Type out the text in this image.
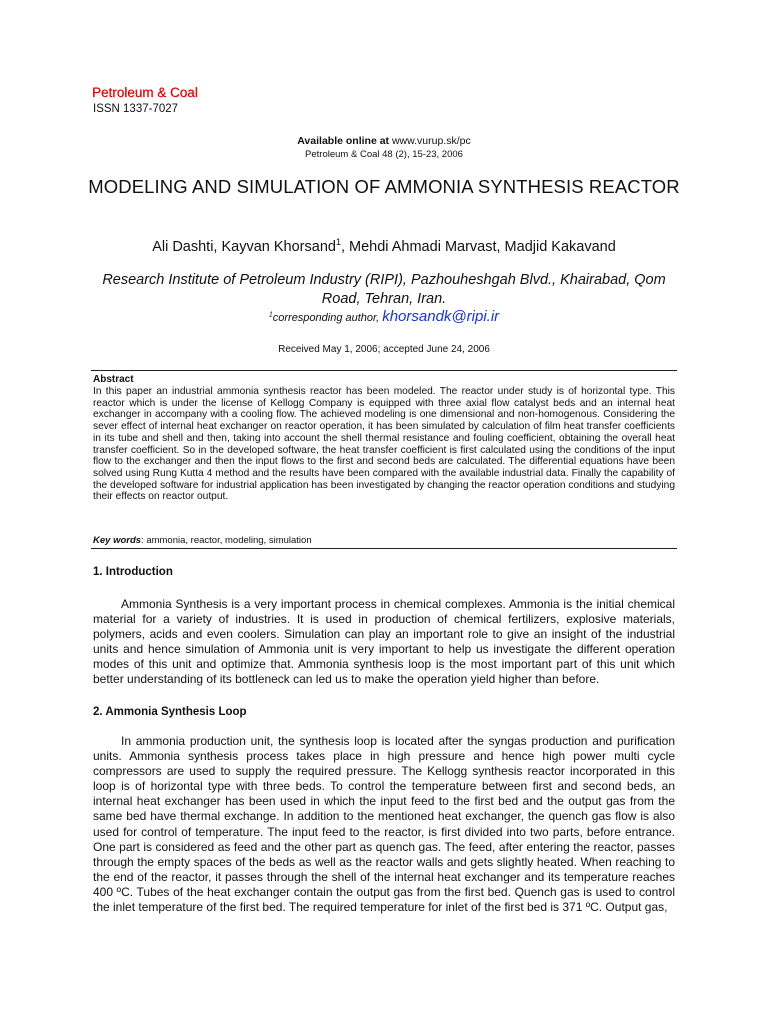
Petroleum & Coal
ISSN 1337-7027
Available online at www.vurup.sk/pc
Petroleum & Coal 48 (2), 15-23, 2006
MODELING AND SIMULATION OF AMMONIA SYNTHESIS REACTOR
Ali Dashti, Kayvan Khorsand$^1$, Mehdi Ahmadi Marvast, Madjid Kakavand
Research Institute of Petroleum Industry (RIPI), Pazhouheshgah Blvd., Khairabad, Qom Road, Tehran, Iran.
$^1$corresponding author, khorsandk@ripi.ir
Received May 1, 2006; accepted June 24, 2006
Abstract
In this paper an industrial ammonia synthesis reactor has been modeled. The reactor under study is of horizontal type. This reactor which is under the license of Kellogg Company is equipped with three axial flow catalyst beds and an internal heat exchanger in accompany with a cooling flow. The achieved modeling is one dimensional and non-homogenous. Considering the sever effect of internal heat exchanger on reactor operation, it has been simulated by calculation of film heat transfer coefficients in its tube and shell and then, taking into account the shell thermal resistance and fouling coefficient, obtaining the overall heat transfer coefficient. So in the developed software, the heat transfer coefficient is first calculated using the conditions of the input flow to the exchanger and then the input flows to the first and second beds are calculated. The differential equations have been solved using Rung Kutta 4 method and the results have been compared with the available industrial data. Finally the capability of the developed software for industrial application has been investigated by changing the reactor operation conditions and studying their effects on reactor output.
Key words: ammonia, reactor, modeling, simulation
1. Introduction
Ammonia Synthesis is a very important process in chemical complexes. Ammonia is the initial chemical material for a variety of industries. It is used in production of chemical fertilizers, explosive materials, polymers, acids and even coolers. Simulation can play an important role to give an insight of the industrial units and hence simulation of Ammonia unit is very important to help us investigate the different operation modes of this unit and optimize that. Ammonia synthesis loop is the most important part of this unit which better understanding of its bottleneck can led us to make the operation yield higher than before.
2. Ammonia Synthesis Loop
In ammonia production unit, the synthesis loop is located after the syngas production and purification units. Ammonia synthesis process takes place in high pressure and hence high power multi cycle compressors are used to supply the required pressure. The Kellogg synthesis reactor incorporated in this loop is of horizontal type with three beds. To control the temperature between first and second beds, an internal heat exchanger has been used in which the input feed to the first bed and the output gas from the same bed have thermal exchange. In addition to the mentioned heat exchanger, the quench gas flow is also used for control of temperature. The input feed to the reactor, is first divided into two parts, before entrance. One part is considered as feed and the other part as quench gas. The feed, after entering the reactor, passes through the empty spaces of the beds as well as the reactor walls and gets slightly heated. When reaching to the end of the reactor, it passes through the shell of the internal heat exchanger and its temperature reaches 400 ºC. Tubes of the heat exchanger contain the output gas from the first bed. Quench gas is used to control the inlet temperature of the first bed. The required temperature for inlet of the first bed is 371 ºC. Output gas,
